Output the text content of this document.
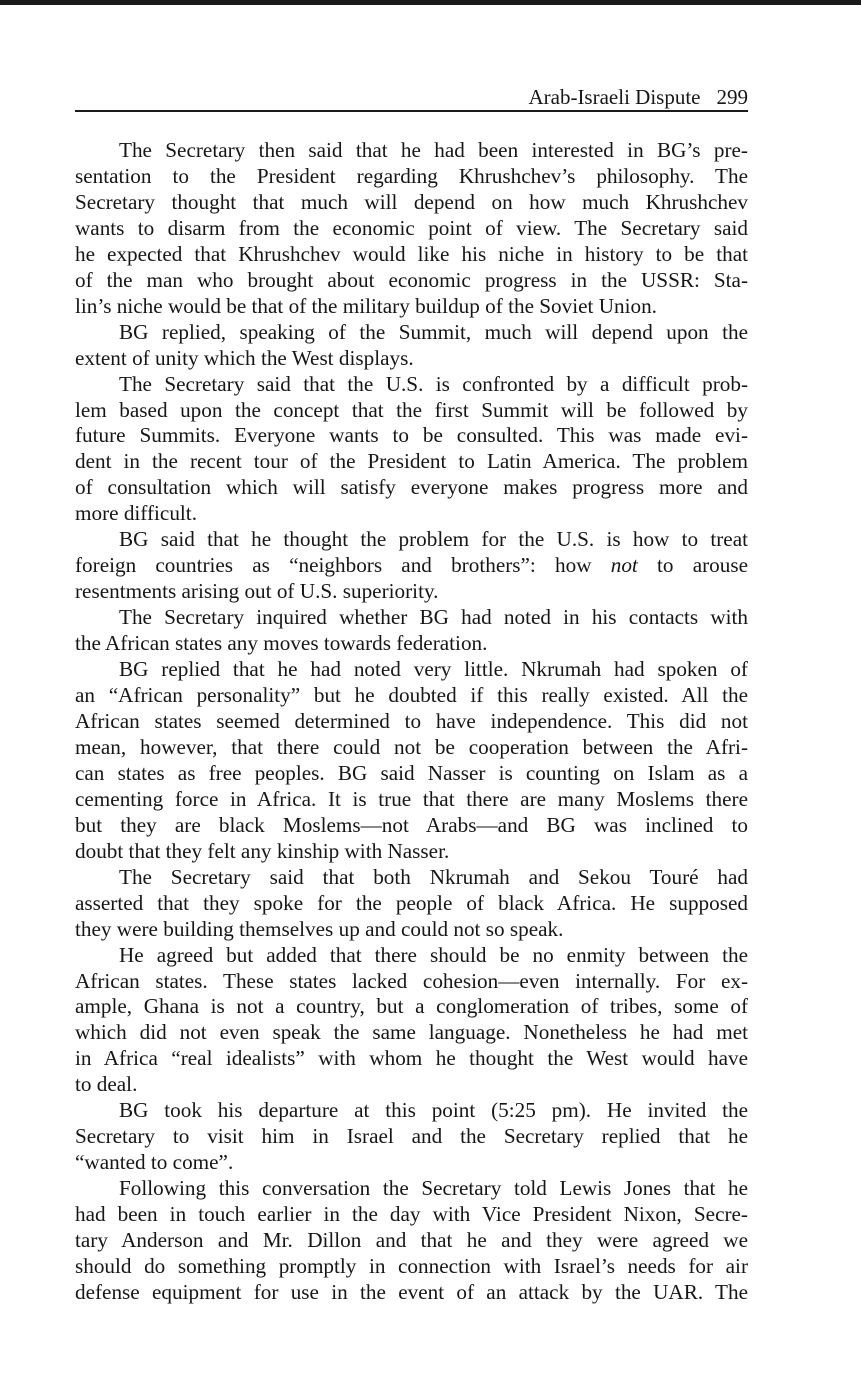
Arab-Israeli Dispute 299

The Secretary then said that he had been interested in BG’s pre-
sentation to the President regarding Khrushchev’s philosophy. The
Secretary thought that much will depend on how much Khrushchev
wants to disarm from the economic point of view. The Secretary said
he expected that Khrushchev would like his niche in history to be that
of the man who brought about economic progress in the USSR: Sta-
lin’s niche would be that of the military buildup of the Soviet Union.

BG replied, speaking of the Summit, much will depend upon the
extent of unity which the West displays.

The Secretary said that the U.S. is confronted by a difficult prob-
lem based upon the concept that the first Summit will be followed by
future Summits. Everyone wants to be consulted. This was made evi-
dent in the recent tour of the President to Latin America. The problem
of consultation which will satisfy everyone makes progress more and
more difficult.

BG said that he thought the problem for the U.S. is how to treat
foreign countries as “neighbors and brothers”: how not to arouse
resentments arising out of U.S. superiority.

The Secretary inquired whether BG had noted in his contacts with
the African states any moves towards federation.

BG replied that he had noted very little. Nkrumah had spoken of
an “African personality” but he doubted if this really existed. All the
African states seemed determined to have independence. This did not
mean, however, that there could not be cooperation between the Afri-
can states as free peoples. BG said Nasser is counting on Islam as a
cementing force in Africa. It is true that there are many Moslems there
but they are black Moslems—not Arabs—and BG was inclined to
doubt that they felt any kinship with Nasser.

The Secretary said that both Nkrumah and Sekou Touré had
asserted that they spoke for the people of black Africa. He supposed
they were building themselves up and could not so speak.

He agreed but added that there should be no enmity between the
African states. These states lacked cohesion—even internally. For ex-
ample, Ghana is not a country, but a conglomeration of tribes, some of
which did not even speak the same language. Nonetheless he had met
in Africa “real idealists” with whom he thought the West would have
to deal.

BG took his departure at this point (5:25 pm). He invited the
Secretary to visit him in Israel and the Secretary replied that he
“wanted to come”.

Following this conversation the Secretary told Lewis Jones that he
had been in touch earlier in the day with Vice President Nixon, Secre-
tary Anderson and Mr. Dillon and that he and they were agreed we
should do something promptly in connection with Israel’s needs for air
defense equipment for use in the event of an attack by the UAR. The
